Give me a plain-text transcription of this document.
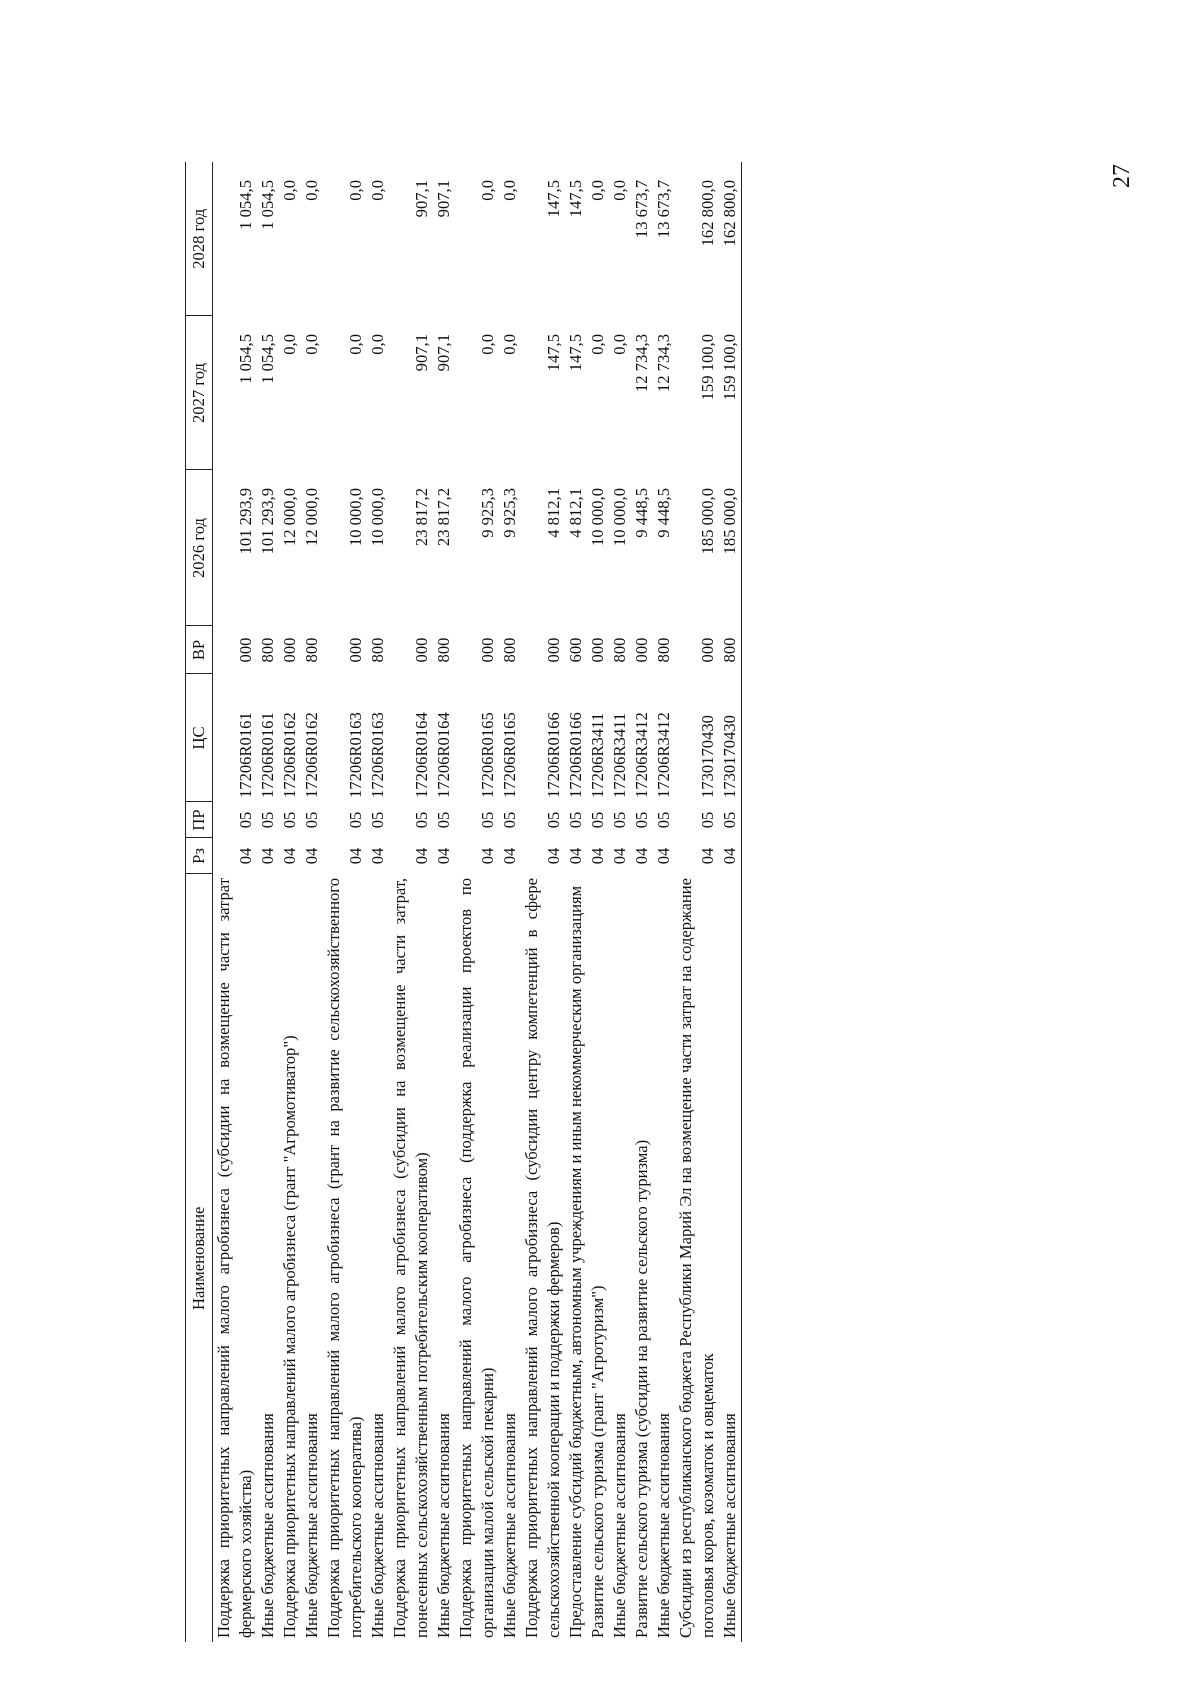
27
Наименование	Рз	ПР	ЦС	ВР	2026 год	2027 год	2028 год
Поддержка приоритетных направлений малого агробизнеса (субсидии на возмещение части затрат фермерского хозяйства)	04	05	17206R0161	000	101 293,9	1 054,5	1 054,5
Иные бюджетные ассигнования	04	05	17206R0161	800	101 293,9	1 054,5	1 054,5
Поддержка приоритетных направлений малого агробизнеса (грант "Агромотиватор")	04	05	17206R0162	000	12 000,0	0,0	0,0
Иные бюджетные ассигнования	04	05	17206R0162	800	12 000,0	0,0	0,0
Поддержка приоритетных направлений малого агробизнеса (грант на развитие сельскохозяйственного потребительского кооператива)	04	05	17206R0163	000	10 000,0	0,0	0,0
Иные бюджетные ассигнования	04	05	17206R0163	800	10 000,0	0,0	0,0
Поддержка приоритетных направлений малого агробизнеса (субсидии на возмещение части затрат, понесенных сельскохозяйственным потребительским кооперативом)	04	05	17206R0164	000	23 817,2	907,1	907,1
Иные бюджетные ассигнования	04	05	17206R0164	800	23 817,2	907,1	907,1
Поддержка приоритетных направлений малого агробизнеса (поддержка реализации проектов по организации малой сельской пекарни)	04	05	17206R0165	000	9 925,3	0,0	0,0
Иные бюджетные ассигнования	04	05	17206R0165	800	9 925,3	0,0	0,0
Поддержка приоритетных направлений малого агробизнеса (субсидии центру компетенций в сфере сельскохозяйственной кооперации и поддержки фермеров)	04	05	17206R0166	000	4 812,1	147,5	147,5
Предоставление субсидий бюджетным, автономным учреждениям и иным некоммерческим организациям	04	05	17206R0166	600	4 812,1	147,5	147,5
Развитие сельского туризма (грант "Агротуризм")	04	05	17206R3411	000	10 000,0	0,0	0,0
Иные бюджетные ассигнования	04	05	17206R3411	800	10 000,0	0,0	0,0
Развитие сельского туризма (субсидии на развитие сельского туризма)	04	05	17206R3412	000	9 448,5	12 734,3	13 673,7
Иные бюджетные ассигнования	04	05	17206R3412	800	9 448,5	12 734,3	13 673,7
Субсидии из республиканского бюджета Республики Марий Эл на возмещение части затрат на содержание поголовья коров, козоматок и овцематок	04	05	1730170430	000	185 000,0	159 100,0	162 800,0
Иные бюджетные ассигнования	04	05	1730170430	800	185 000,0	159 100,0	162 800,0
